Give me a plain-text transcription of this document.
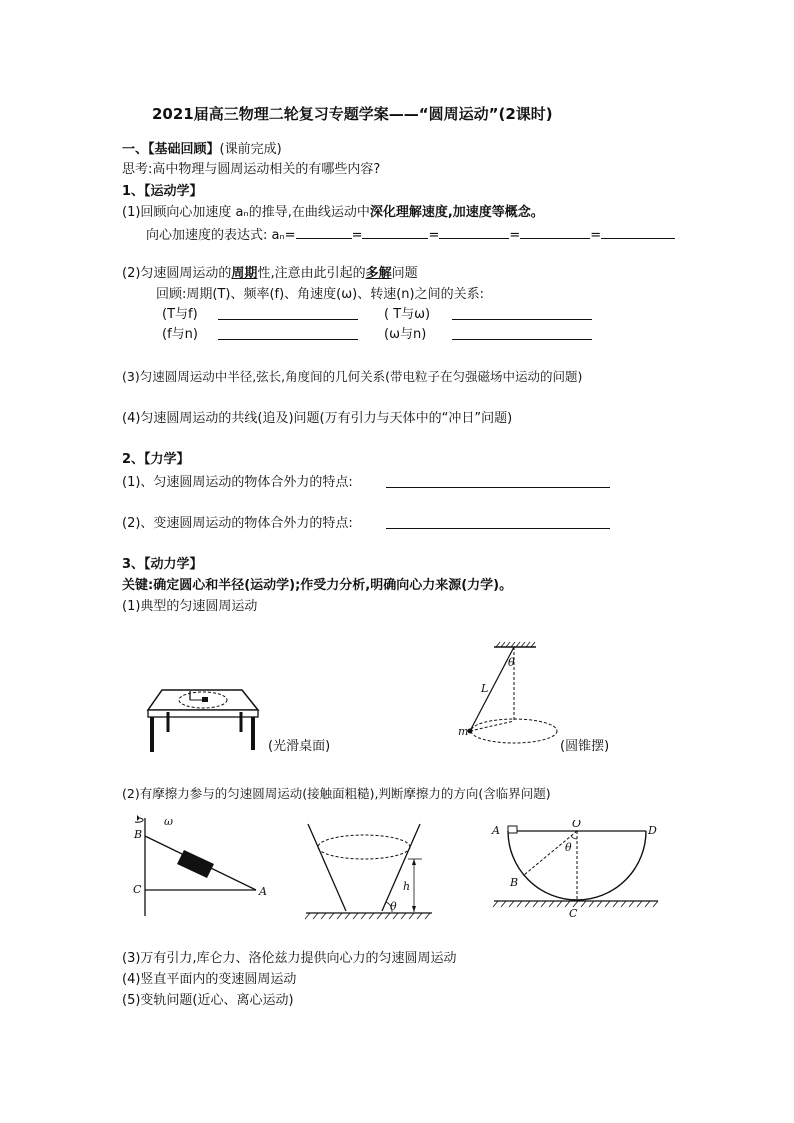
2021届高三物理二轮复习专题学案——“圆周运动”(2课时)
一、【基础回顾】(课前完成)
思考:高中物理与圆周运动相关的有哪些内容?
1、【运动学】
(1)回顾向心加速度 aₙ的推导,在曲线运动中深化理解速度,加速度等概念。
向心加速度的表达式: aₙ=	=	=	=	=
(2)匀速圆周运动的周期性,注意由此引起的多解问题
回顾:周期(T)、频率(f)、角速度(ω)、转速(n)之间的关系:
(T与f)	( T与ω)
(f与n)	(ω与n)
(3)匀速圆周运动中半径,弦长,角度间的几何关系(带电粒子在匀强磁场中运动的问题)
(4)匀速圆周运动的共线(追及)问题(万有引力与天体中的“冲日”问题)
2、【力学】
(1)、匀速圆周运动的物体合外力的特点:
(2)、变速圆周运动的物体合外力的特点:
3、【动力学】
关键:确定圆心和半径(运动学);作受力分析,明确向心力来源(力学)。
(1)典型的匀速圆周运动
(光滑桌面)
θ
L
m
(圆锥摆)
(2)有摩擦力参与的匀速圆周运动(接触面粗糙),判断摩擦力的方向(含临界问题)
ω
B
C	A	h
θ
A
O
D
θ
B
C
(3)万有引力,库仑力、洛伦兹力提供向心力的匀速圆周运动
(4)竖直平面内的变速圆周运动
(5)变轨问题(近心、离心运动)
